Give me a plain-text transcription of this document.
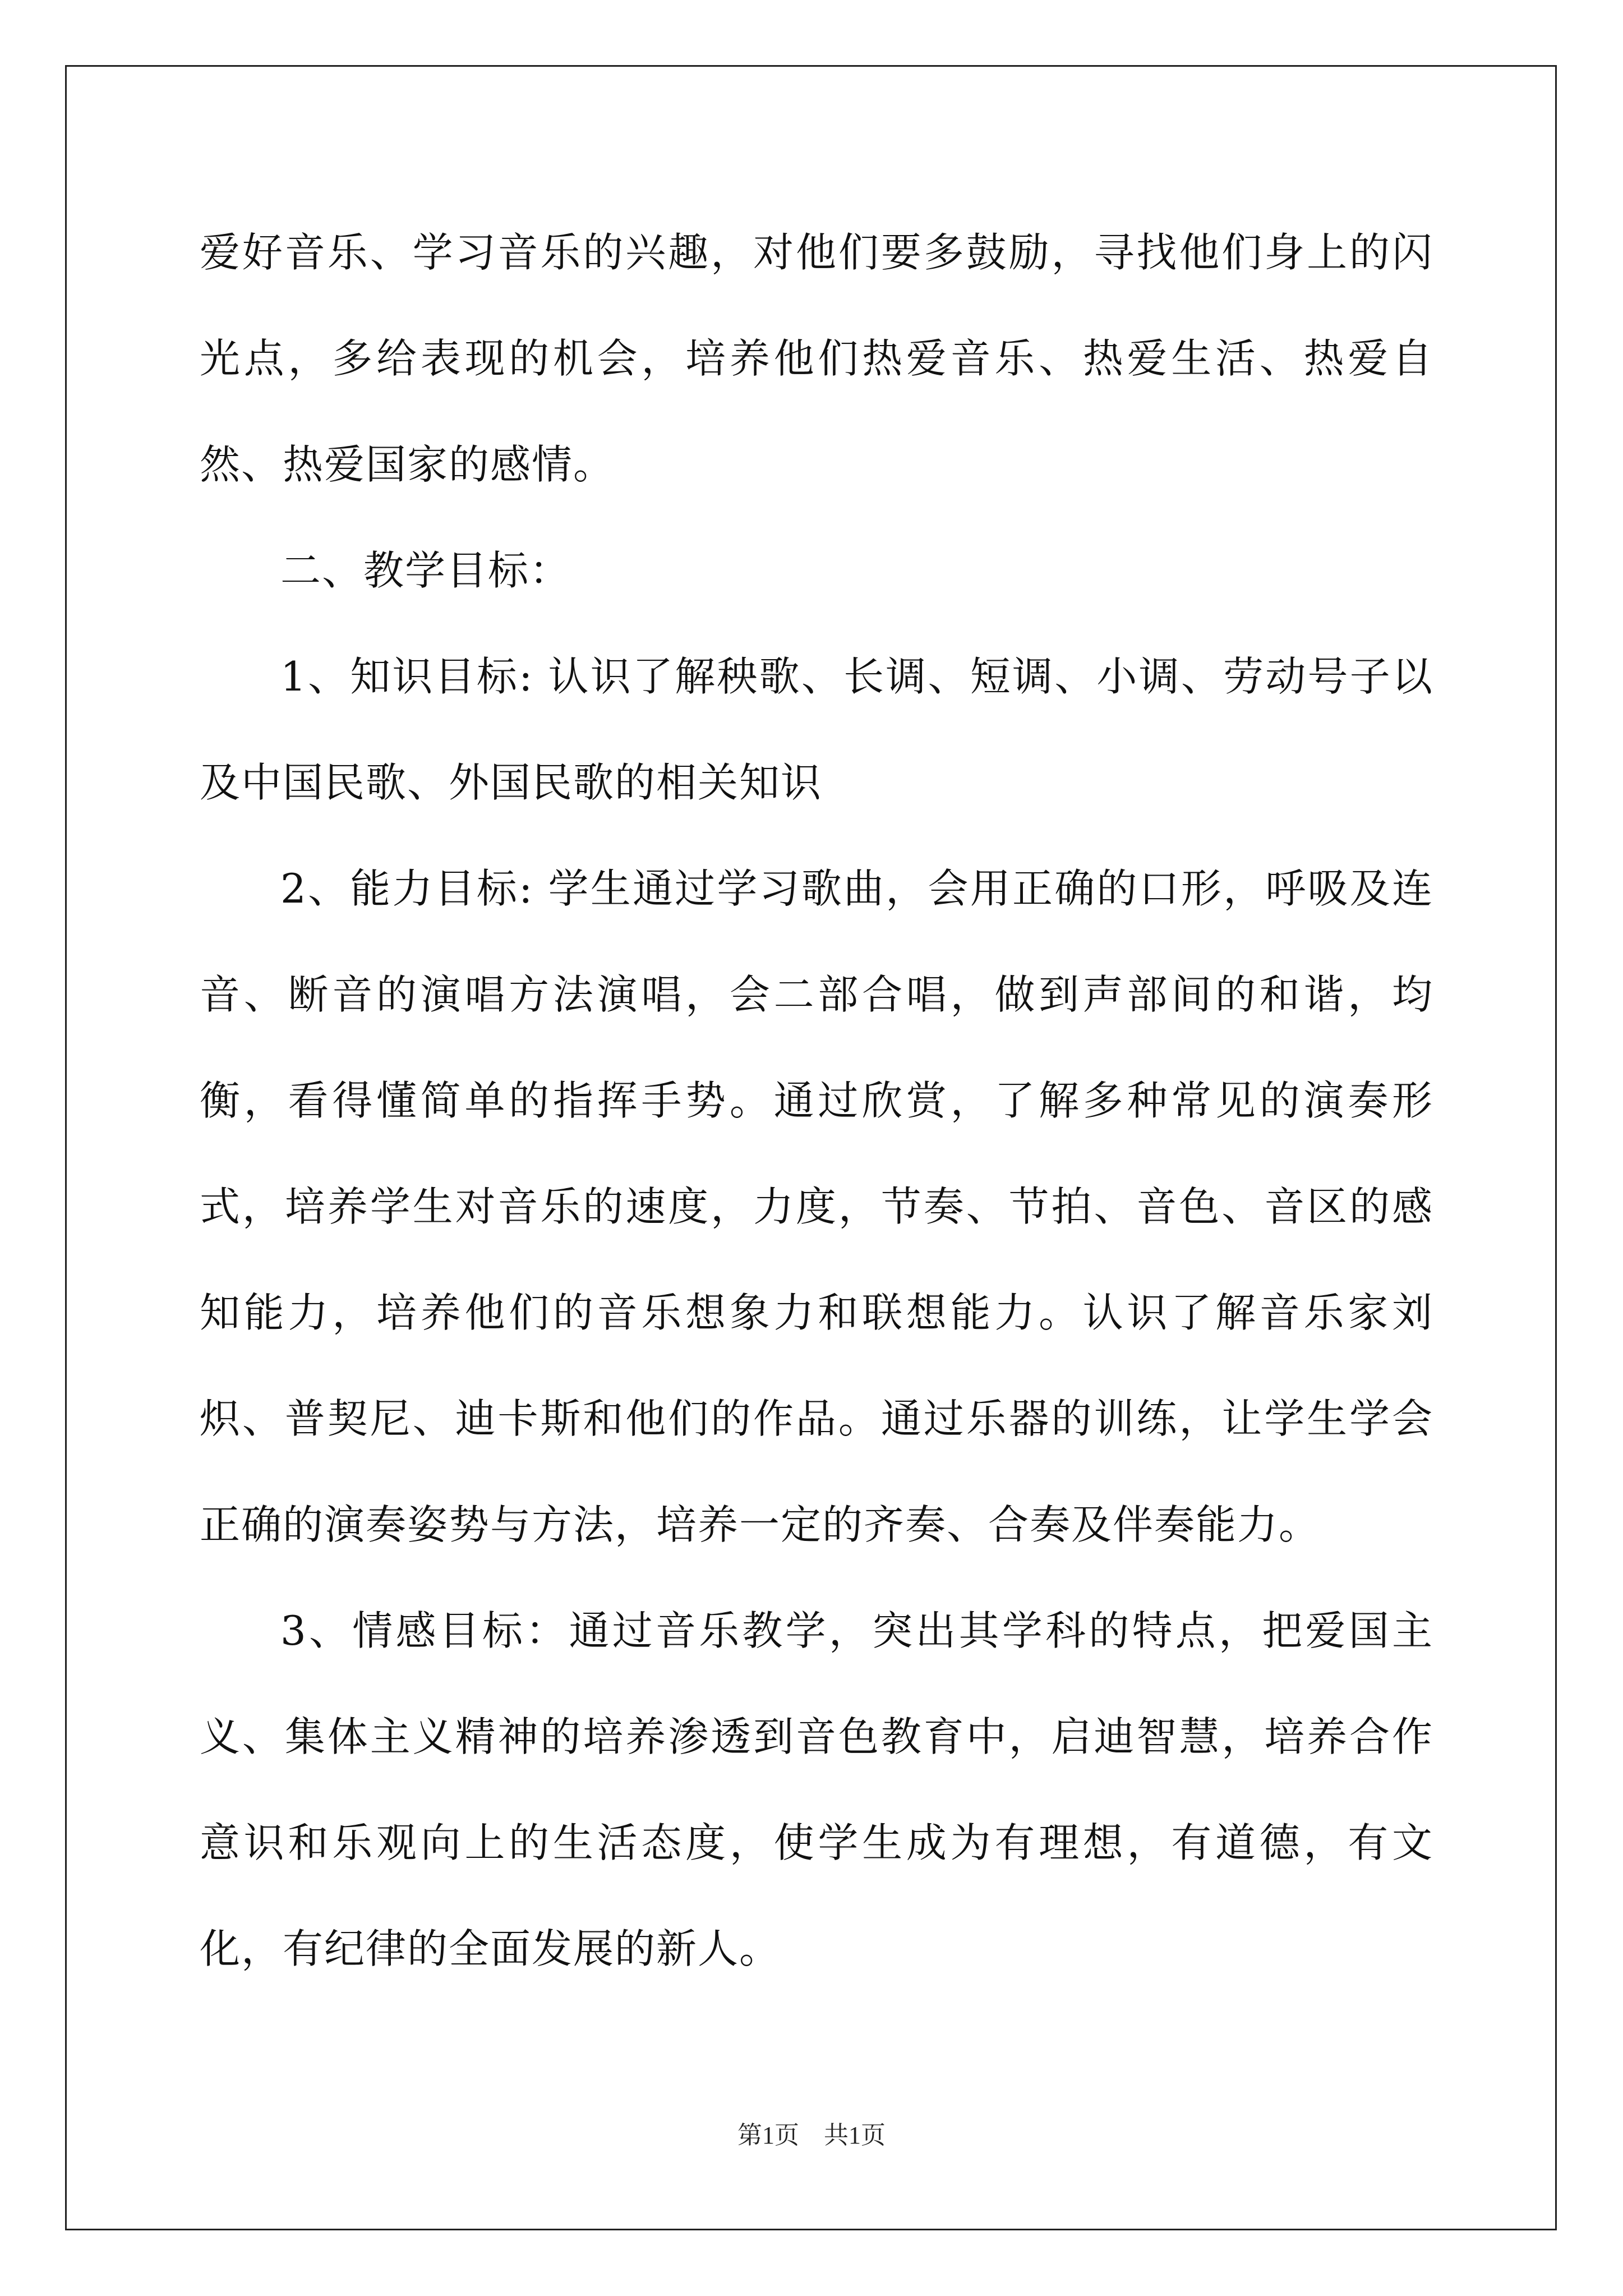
爱好音乐、学习音乐的兴趣，对他们要多鼓励，寻找他们身上的闪光点，多给表现的机会，培养他们热爱音乐、热爱生活、热爱自然、热爱国家的感情。

二、教学目标：

1、知识目标: 认识了解秧歌、长调、短调、小调、劳动号子以及中国民歌、外国民歌的相关知识

2、能力目标: 学生通过学习歌曲，会用正确的口形，呼吸及连音、断音的演唱方法演唱，会二部合唱，做到声部间的和谐，均衡，看得懂简单的指挥手势。通过欣赏，了解多种常见的演奏形式，培养学生对音乐的速度，力度，节奏、节拍、音色、音区的感知能力，培养他们的音乐想象力和联想能力。认识了解音乐家刘炽、普契尼、迪卡斯和他们的作品。通过乐器的训练，让学生学会正确的演奏姿势与方法，培养一定的齐奏、合奏及伴奏能力。

3、情感目标：通过音乐教学，突出其学科的特点，把爱国主义、集体主义精神的培养渗透到音色教育中，启迪智慧，培养合作意识和乐观向上的生活态度，使学生成为有理想，有道德，有文化，有纪律的全面发展的新人。

第1页　共1页
